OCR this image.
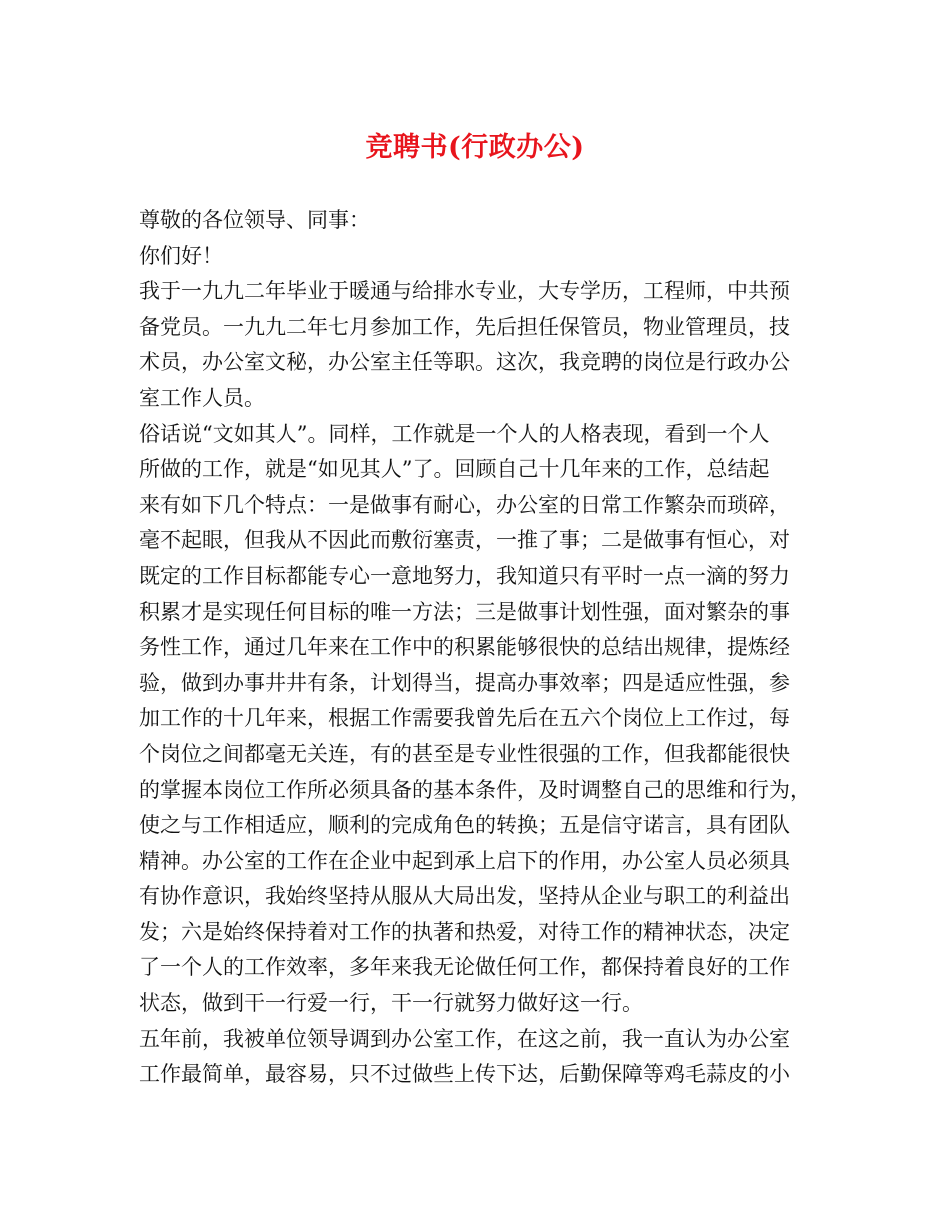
竞聘书(行政办公)
尊敬的各位领导、同事：
你们好！
我于一九九二年毕业于暖通与给排水专业，大专学历，工程师，中共预
备党员。一九九二年七月参加工作，先后担任保管员，物业管理员，技
术员，办公室文秘，办公室主任等职。这次，我竞聘的岗位是行政办公
室工作人员。
俗话说“文如其人”。同样，工作就是一个人的人格表现，看到一个人
所做的工作，就是“如见其人”了。回顾自己十几年来的工作，总结起
来有如下几个特点：一是做事有耐心，办公室的日常工作繁杂而琐碎，
毫不起眼，但我从不因此而敷衍塞责，一推了事；二是做事有恒心，对
既定的工作目标都能专心一意地努力，我知道只有平时一点一滴的努力
积累才是实现任何目标的唯一方法；三是做事计划性强，面对繁杂的事
务性工作，通过几年来在工作中的积累能够很快的总结出规律，提炼经
验，做到办事井井有条，计划得当，提高办事效率；四是适应性强，参
加工作的十几年来，根据工作需要我曾先后在五六个岗位上工作过，每
个岗位之间都毫无关连，有的甚至是专业性很强的工作，但我都能很快
的掌握本岗位工作所必须具备的基本条件，及时调整自己的思维和行为，
使之与工作相适应，顺利的完成角色的转换；五是信守诺言，具有团队
精神。办公室的工作在企业中起到承上启下的作用，办公室人员必须具
有协作意识，我始终坚持从服从大局出发，坚持从企业与职工的利益出
发；六是始终保持着对工作的执著和热爱，对待工作的精神状态，决定
了一个人的工作效率，多年来我无论做任何工作，都保持着良好的工作
状态，做到干一行爱一行，干一行就努力做好这一行。
五年前，我被单位领导调到办公室工作，在这之前，我一直认为办公室
工作最简单，最容易，只不过做些上传下达，后勤保障等鸡毛蒜皮的小
